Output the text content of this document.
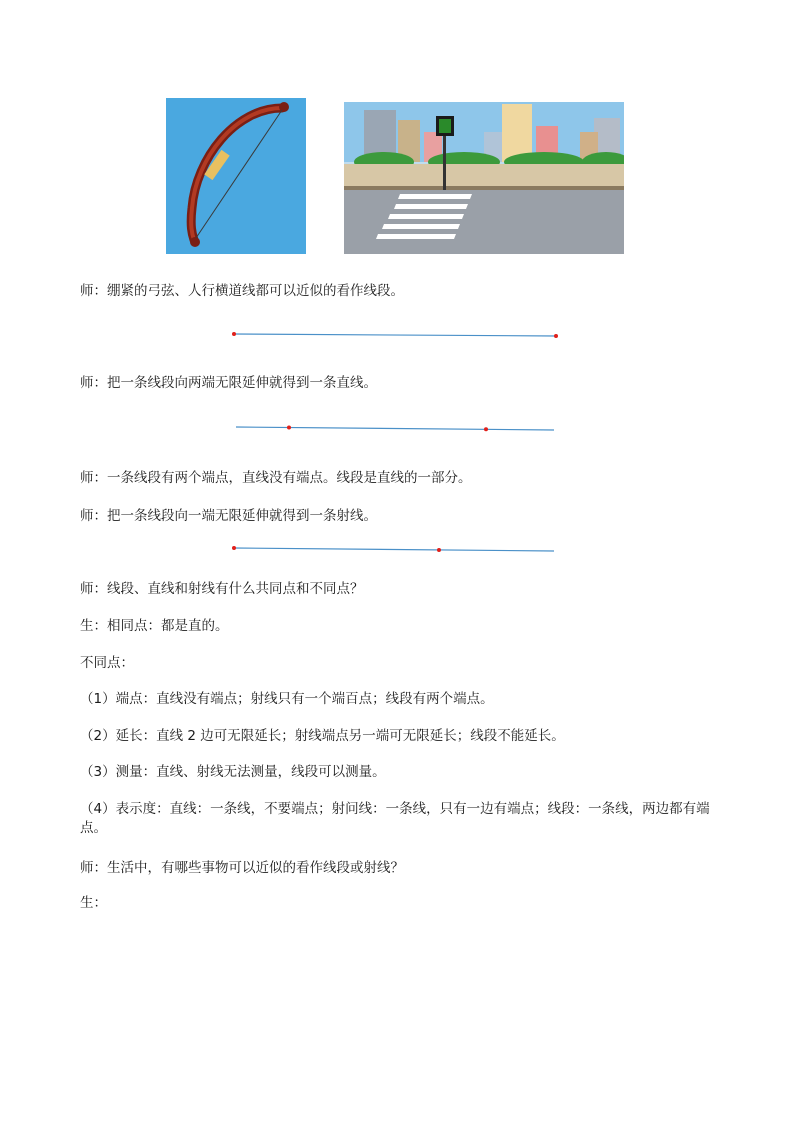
师：绷紧的弓弦、人行横道线都可以近似的看作线段。

师：把一条线段向两端无限延伸就得到一条直线。

师：一条线段有两个端点，直线没有端点。线段是直线的一部分。

师：把一条线段向一端无限延伸就得到一条射线。

师：线段、直线和射线有什么共同点和不同点？

生：相同点：都是直的。

不同点：

（1）端点：直线没有端点；射线只有一个端百点；线段有两个端点。

（2）延长：直线 2 边可无限延长；射线端点另一端可无限延长；线段不能延长。

（3）测量：直线、射线无法测量，线段可以测量。

（4）表示度：直线：一条线，不要端点；射问线：一条线，只有一边有端点；线段：一条线，两边都有端点。

师：生活中，有哪些事物可以近似的看作线段或射线？

生：
